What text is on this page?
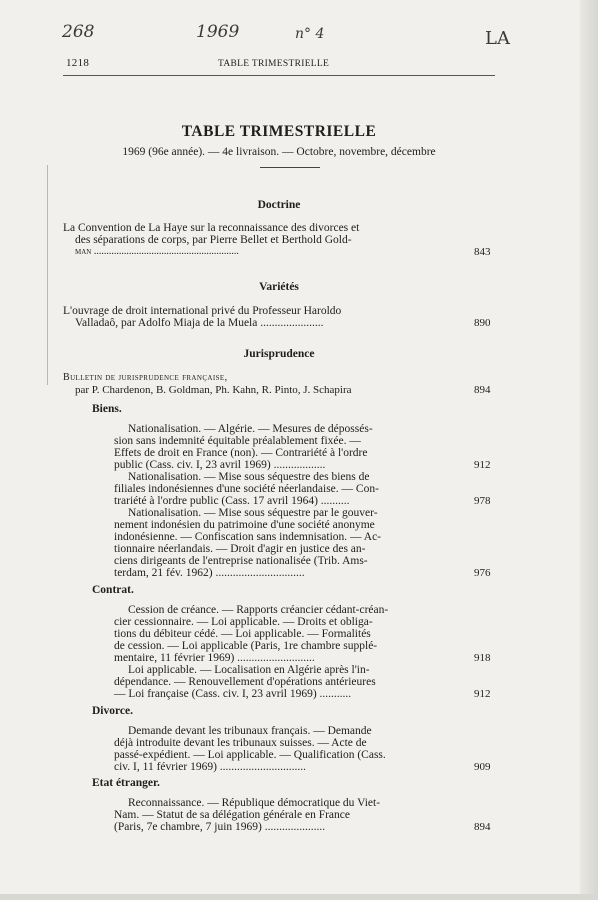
268	1969	n° 4	LA
1218	TABLE TRIMESTRIELLE
TABLE TRIMESTRIELLE
1969 (96e année). — 4e livraison. — Octobre, novembre, décembre
Doctrine
La Convention de La Haye sur la reconnaissance des divorces et
des séparations de corps, par Pierre Bellet et Berthold Gold-
man ..........................................................	843
Variétés
L'ouvrage de droit international privé du Professeur Haroldo
Valladaô, par Adolfo Miaja de la Muela ......................	890
Jurisprudence
Bulletin de jurisprudence française,
par P. Chardenon, B. Goldman, Ph. Kahn, R. Pinto, J. Schapira	894
Biens.
Nationalisation. — Algérie. — Mesures de dépossés-
sion sans indemnité équitable préalablement fixée. —
Effets de droit en France (non). — Contrariété à l'ordre
public (Cass. civ. I, 23 avril 1969) ..................	912
Nationalisation. — Mise sous séquestre des biens de
filiales indonésiennes d'une société néerlandaise. — Con-
trariété à l'ordre public (Cass. 17 avril 1964) ..........	978
Nationalisation. — Mise sous séquestre par le gouver-
nement indonésien du patrimoine d'une société anonyme
indonésienne. — Confiscation sans indemnisation. — Ac-
tionnaire néerlandais. — Droit d'agir en justice des an-
ciens dirigeants de l'entreprise nationalisée (Trib. Ams-
terdam, 21 fév. 1962) ...............................	976
Contrat.
Cession de créance. — Rapports créancier cédant-créan-
cier cessionnaire. — Loi applicable. — Droits et obliga-
tions du débiteur cédé. — Loi applicable. — Formalités
de cession. — Loi applicable (Paris, 1re chambre supplé-
mentaire, 11 février 1969) ...........................	918
Loi applicable. — Localisation en Algérie après l'in-
dépendance. — Renouvellement d'opérations antérieures
— Loi française (Cass. civ. I, 23 avril 1969) ...........	912
Divorce.
Demande devant les tribunaux français. — Demande
déjà introduite devant les tribunaux suisses. — Acte de
passé-expédient. — Loi applicable. — Qualification (Cass.
civ. I, 11 février 1969) ..............................	909
Etat étranger.
Reconnaissance. — République démocratique du Viet-
Nam. — Statut de sa délégation générale en France
(Paris, 7e chambre, 7 juin 1969) .....................	894
